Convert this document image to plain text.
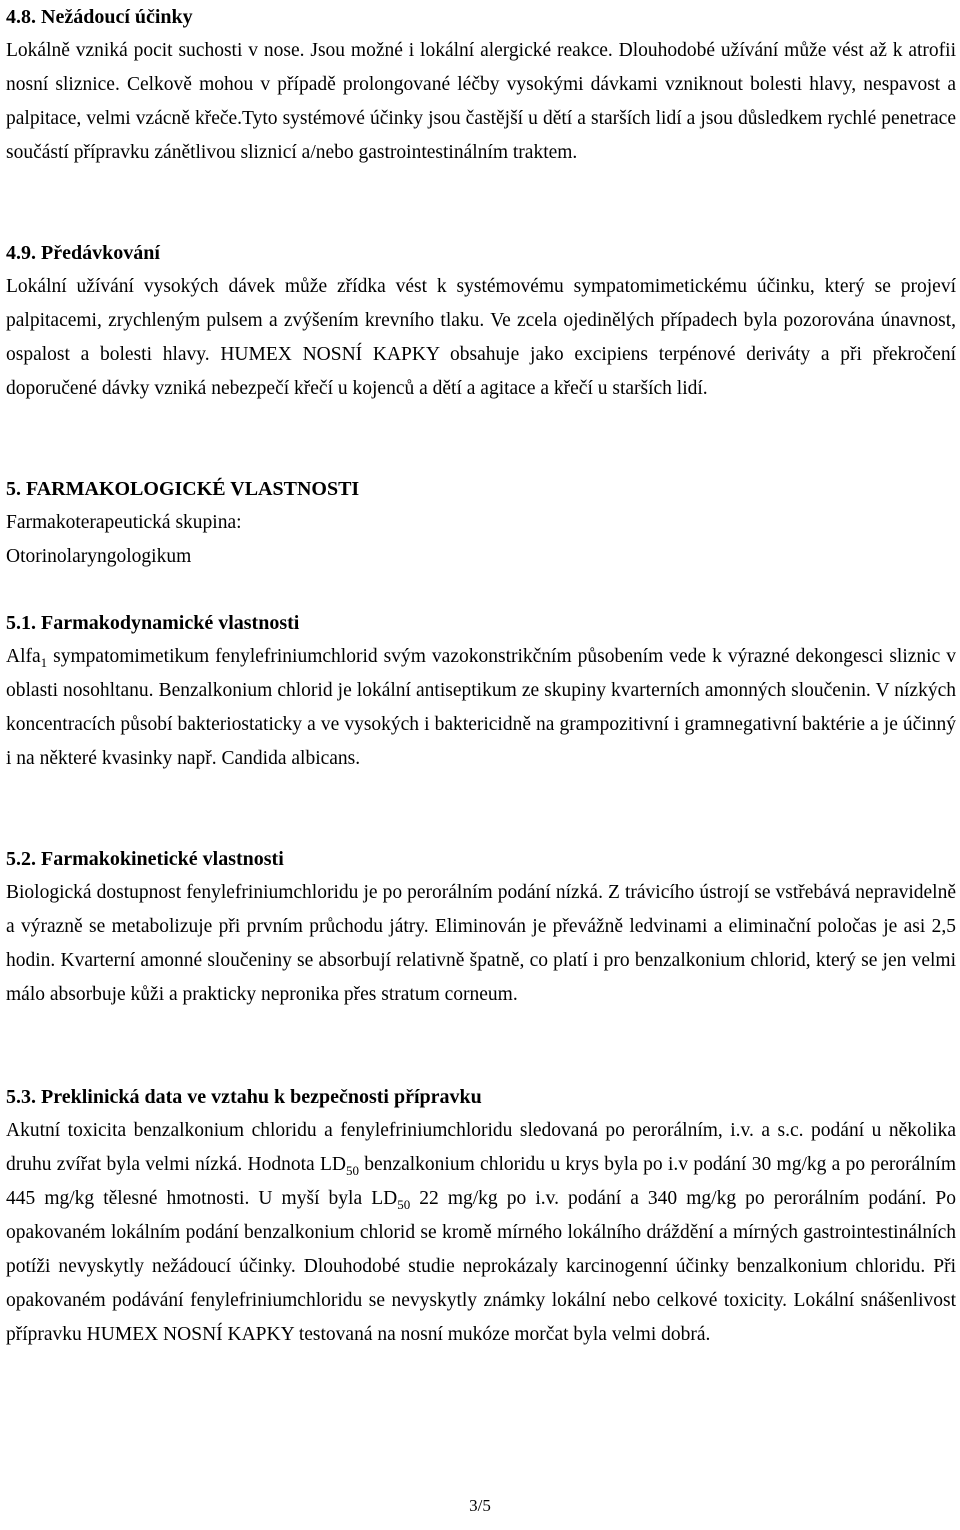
4.8. Nežádoucí účinky

Lokálně vzniká pocit suchosti v nose. Jsou možné i lokální alergické reakce. Dlouhodobé užívání může vést až k atrofii nosní sliznice. Celkově mohou v případě prolongované léčby vysokými dávkami vzniknout bolesti hlavy, nespavost a palpitace, velmi vzácně křeče.Tyto systémové účinky jsou častější u dětí a starších lidí a jsou důsledkem rychlé penetrace součástí přípravku zánětlivou sliznicí a/nebo gastrointestinálním traktem.

4.9. Předávkování

Lokální užívání vysokých dávek může zřídka vést k systémovému sympatomimetickému účinku, který se projeví palpitacemi, zrychleným pulsem a zvýšením krevního tlaku. Ve zcela ojedinělých případech byla pozorována únavnost, ospalost a bolesti hlavy. HUMEX NOSNÍ KAPKY obsahuje jako excipiens terpénové deriváty a při překročení doporučené dávky vzniká nebezpečí křečí u kojenců a dětí a agitace a křečí u starších lidí.

5. FARMAKOLOGICKÉ VLASTNOSTI

Farmakoterapeutická skupina:

Otorinolaryngologikum

5.1. Farmakodynamické vlastnosti

Alfa$_1$ sympatomimetikum fenylefriniumchlorid svým vazokonstrikčním působením vede k výrazné dekongesci sliznic v oblasti nosohltanu. Benzalkonium chlorid je lokální antiseptikum ze skupiny kvarterních amonných sloučenin. V nízkých koncentracích působí bakteriostaticky a ve vysokých i baktericidně na grampozitivní i gramnegativní baktérie a je účinný i na některé kvasinky např. Candida albicans.

5.2. Farmakokinetické vlastnosti

Biologická dostupnost fenylefriniumchloridu je po perorálním podání nízká. Z trávicího ústrojí se vstřebává nepravidelně a výrazně se metabolizuje při prvním průchodu játry. Eliminován je převážně ledvinami a eliminační poločas je asi 2,5 hodin. Kvarterní amonné sloučeniny se absorbují relativně špatně, co platí i pro benzalkonium chlorid, který se jen velmi málo absorbuje kůži a prakticky nepronika přes stratum corneum.

5.3. Preklinická data ve vztahu k bezpečnosti přípravku

Akutní toxicita benzalkonium chloridu a fenylefriniumchloridu sledovaná po perorálním, i.v. a s.c. podání u několika druhu zvířat byla velmi nízká. Hodnota $LD_{50}$ benzalkonium chloridu u krys byla po i.v podání 30 mg/kg a po perorálním 445 mg/kg tělesné hmotnosti. U myší byla $LD_{50}$ 22 mg/kg po i.v. podání a 340 mg/kg po perorálním podání. Po opakovaném lokálním podání benzalkonium chlorid se kromě mírného lokálního dráždění a mírných gastrointestinálních potíži nevyskytly nežádoucí účinky. Dlouhodobé studie neprokázaly karcinogenní účinky benzalkonium chloridu. Při opakovaném podávání fenylefriniumchloridu se nevyskytly známky lokální nebo celkové toxicity. Lokální snášenlivost přípravku HUMEX NOSNÍ KAPKY testovaná na nosní mukóze morčat byla velmi dobrá.

3/5
